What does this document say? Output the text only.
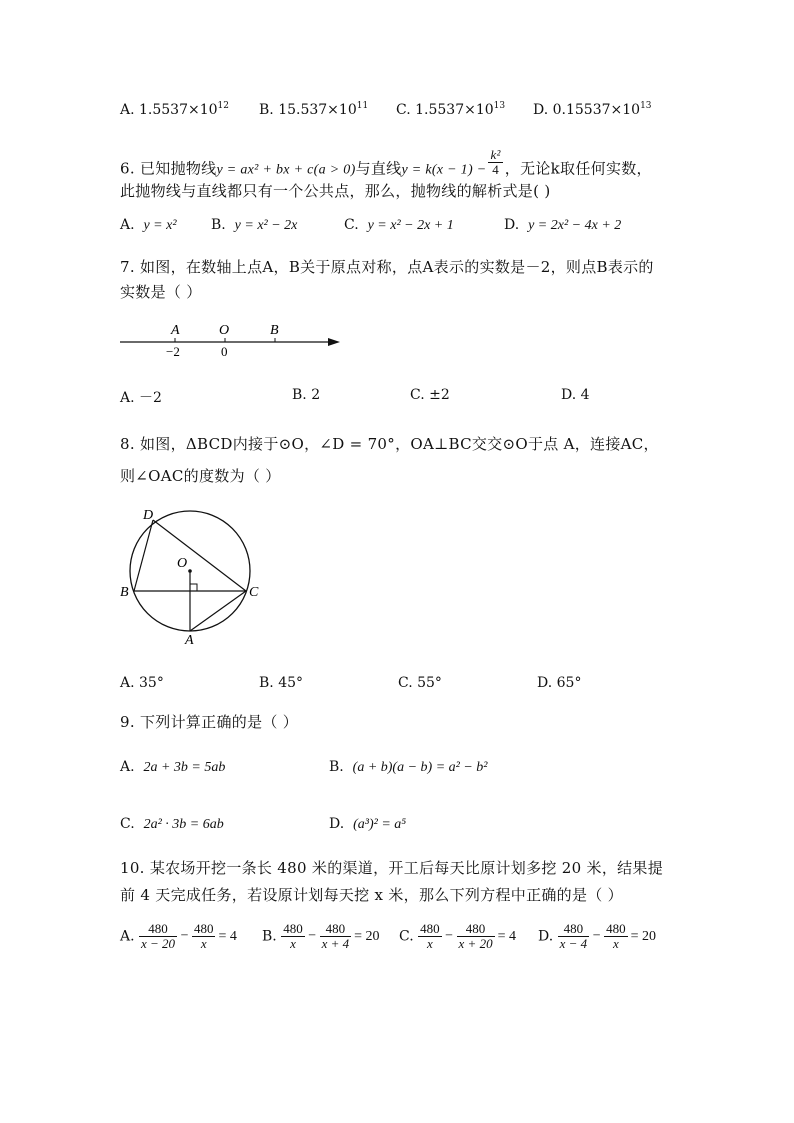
A. $1.5537\times 10^{12}$ B. $15.537\times 10^{11}$ C. $1.5537\times 10^{13}$ D. $0.15537\times 10^{13}$
6. 已知抛物线y = ax² + bx + c(a > 0)与直线$y = k(x - 1) - \frac{\text{k²}}{4}$ ，无论k取任何实数，
此抛物线与直线都只有一个公共点，那么，抛物线的解析式是( )
A. y = x² B. y = x² − 2x	C. y = x² − 2x + 1	D. y = 2x² − 4x + 2
7. 如图，在数轴上点A，B关于原点对称，点A表示的实数是－2，则点B表示的
实数是（ ）
A	O	B
−2	0
A. －2	B. 2	C. ±2	D. 4
8. 如图，ΔBCD内接于⊙O，∠D = 70°，OA⊥BC交交⊙O于点 A，连接AC，
则∠OAC的度数为（ ）
D
O
B	C
A
A. 35°	B. 45°	C. 55°	D. 65°
9. 下列计算正确的是（ ）
A. 2a + 3b = 5ab	B. (a + b)(a − b) = a² − b²
C. 2a² · 3b = 6ab	D. (a³)² = a⁵
10. 某农场开挖一条长 480 米的渠道，开工后每天比原计划多挖 20 米，结果提
前 4 天完成任务，若设原计划每天挖 x 米，那么下列方程中正确的是（ ）
A. $\frac{480}{x - 20} - \frac{480}{x} = 4$ B. $\frac{480}{x} - \frac{480}{x + 4} = 20$ C. $\frac{480}{x} - \frac{480}{x + 20} = 4$ D. $\frac{480}{x - 4} - \frac{480}{x} = 20$
